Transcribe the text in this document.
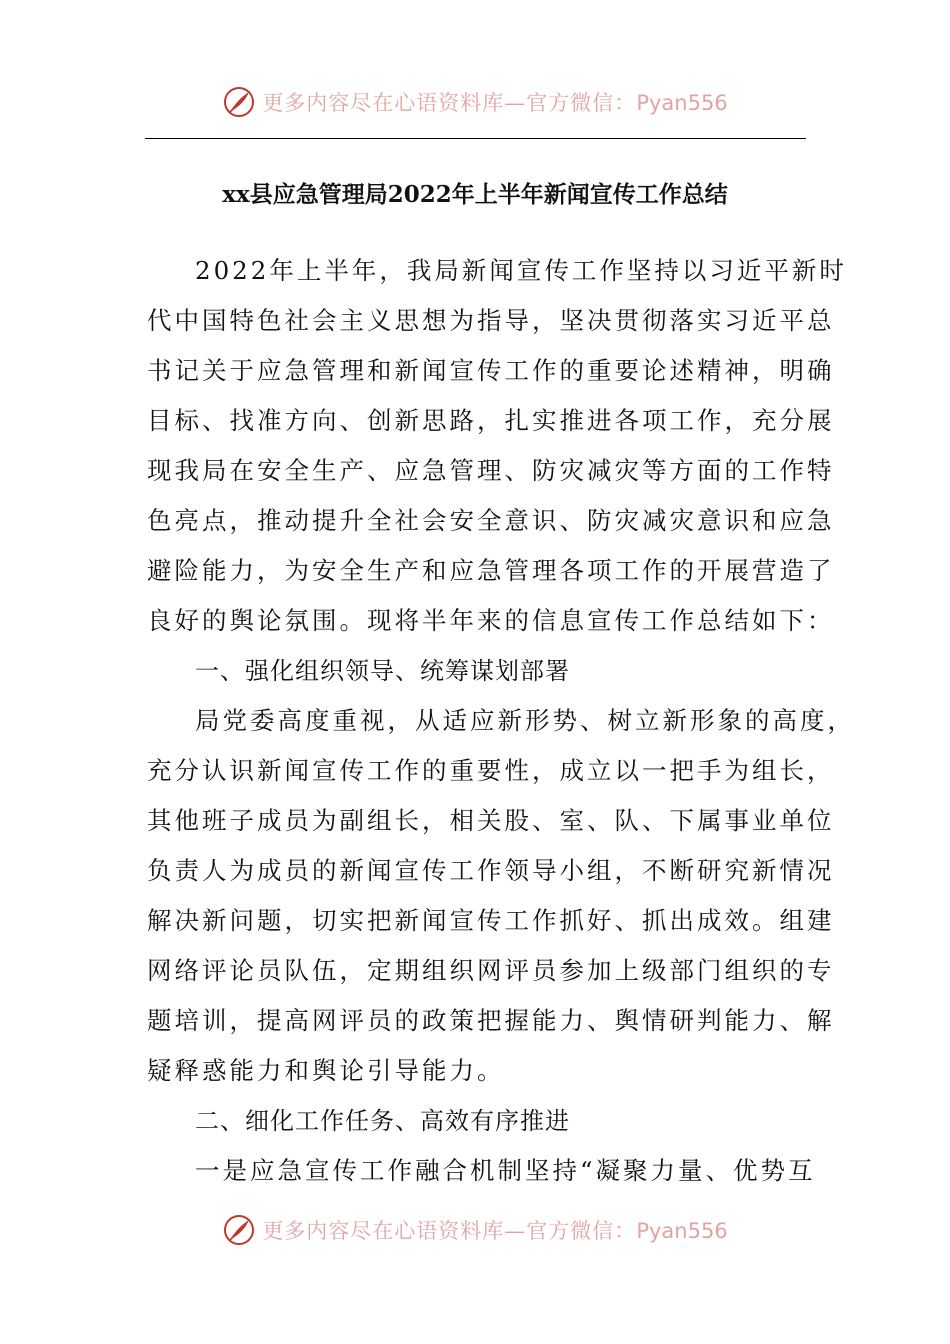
更多内容尽在心语资料库—官方微信：Pyan556
xx县应急管理局2022年上半年新闻宣传工作总结
2022年上半年，我局新闻宣传工作坚持以习近平新时
代中国特色社会主义思想为指导，坚决贯彻落实习近平总
书记关于应急管理和新闻宣传工作的重要论述精神，明确
目标、找准方向、创新思路，扎实推进各项工作，充分展
现我局在安全生产、应急管理、防灾减灾等方面的工作特
色亮点，推动提升全社会安全意识、防灾减灾意识和应急
避险能力，为安全生产和应急管理各项工作的开展营造了
良好的舆论氛围。现将半年来的信息宣传工作总结如下：
一、强化组织领导、统筹谋划部署
局党委高度重视，从适应新形势、树立新形象的高度，
充分认识新闻宣传工作的重要性，成立以一把手为组长，
其他班子成员为副组长，相关股、室、队、下属事业单位
负责人为成员的新闻宣传工作领导小组，不断研究新情况
解决新问题，切实把新闻宣传工作抓好、抓出成效。组建
网络评论员队伍，定期组织网评员参加上级部门组织的专
题培训，提高网评员的政策把握能力、舆情研判能力、解
疑释惑能力和舆论引导能力。
二、细化工作任务、高效有序推进
一是应急宣传工作融合机制坚持“凝聚力量、优势互
更多内容尽在心语资料库—官方微信：Pyan556
